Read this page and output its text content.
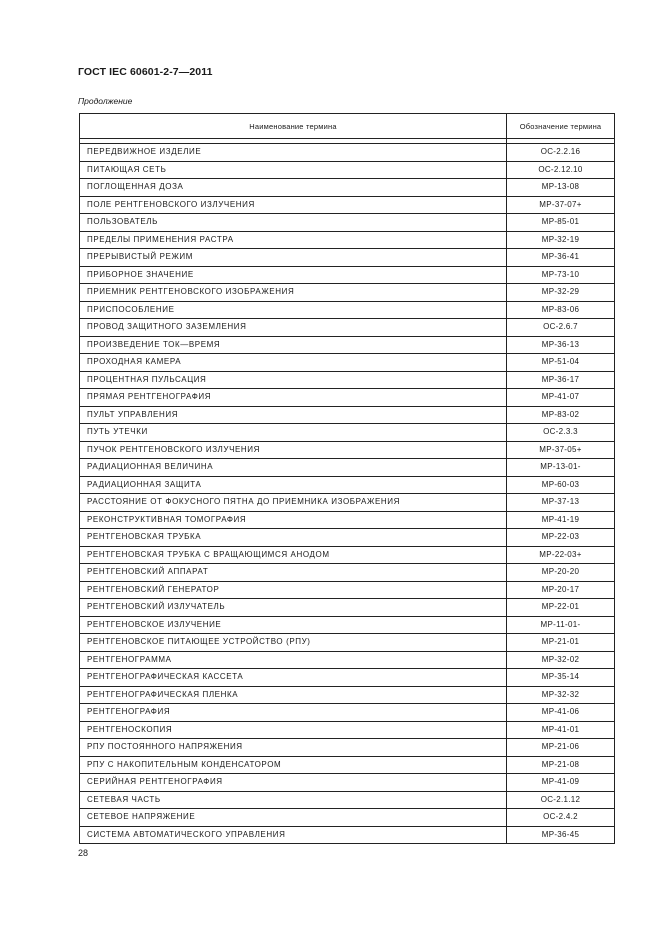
ГОСТ IEC 60601-2-7—2011
Продолжение
Наименование термина	Обозначение термина

ПЕРЕДВИЖНОЕ ИЗДЕЛИЕ	ОС-2.2.16
ПИТАЮЩАЯ СЕТЬ	ОС-2.12.10
ПОГЛОЩЕННАЯ ДОЗА	МР-13-08
ПОЛЕ РЕНТГЕНОВСКОГО ИЗЛУЧЕНИЯ	МР-37-07+
ПОЛЬЗОВАТЕЛЬ	МР-85-01
ПРЕДЕЛЫ ПРИМЕНЕНИЯ РАСТРА	МР-32-19
ПРЕРЫВИСТЫЙ РЕЖИМ	МР-36-41
ПРИБОРНОЕ ЗНАЧЕНИЕ	МР-73-10
ПРИЕМНИК РЕНТГЕНОВСКОГО ИЗОБРАЖЕНИЯ	МР-32-29
ПРИСПОСОБЛЕНИЕ	МР-83-06
ПРОВОД ЗАЩИТНОГО ЗАЗЕМЛЕНИЯ	ОС-2.6.7
ПРОИЗВЕДЕНИЕ ТОК—ВРЕМЯ	МР-36-13
ПРОХОДНАЯ КАМЕРА	МР-51-04
ПРОЦЕНТНАЯ ПУЛЬСАЦИЯ	МР-36-17
ПРЯМАЯ РЕНТГЕНОГРАФИЯ	МР-41-07
ПУЛЬТ УПРАВЛЕНИЯ	МР-83-02
ПУТЬ УТЕЧКИ	ОС-2.3.3
ПУЧОК РЕНТГЕНОВСКОГО ИЗЛУЧЕНИЯ	МР-37-05+
РАДИАЦИОННАЯ ВЕЛИЧИНА	МР-13-01-
РАДИАЦИОННАЯ ЗАЩИТА	МР-60-03
РАССТОЯНИЕ ОТ ФОКУСНОГО ПЯТНА ДО ПРИЕМНИКА ИЗОБРАЖЕНИЯ	МР-37-13
РЕКОНСТРУКТИВНАЯ ТОМОГРАФИЯ	МР-41-19
РЕНТГЕНОВСКАЯ ТРУБКА	МР-22-03
РЕНТГЕНОВСКАЯ ТРУБКА С ВРАЩАЮЩИМСЯ АНОДОМ	МР-22-03+
РЕНТГЕНОВСКИЙ АППАРАТ	МР-20-20
РЕНТГЕНОВСКИЙ ГЕНЕРАТОР	МР-20-17
РЕНТГЕНОВСКИЙ ИЗЛУЧАТЕЛЬ	МР-22-01
РЕНТГЕНОВСКОЕ ИЗЛУЧЕНИЕ	МР-11-01-
РЕНТГЕНОВСКОЕ ПИТАЮЩЕЕ УСТРОЙСТВО (РПУ)	МР-21-01
РЕНТГЕНОГРАММА	МР-32-02
РЕНТГЕНОГРАФИЧЕСКАЯ КАССЕТА	МР-35-14
РЕНТГЕНОГРАФИЧЕСКАЯ ПЛЕНКА	МР-32-32
РЕНТГЕНОГРАФИЯ	МР-41-06
РЕНТГЕНОСКОПИЯ	МР-41-01
РПУ ПОСТОЯННОГО НАПРЯЖЕНИЯ	МР-21-06
РПУ С НАКОПИТЕЛЬНЫМ КОНДЕНСАТОРОМ	МР-21-08
СЕРИЙНАЯ РЕНТГЕНОГРАФИЯ	МР-41-09
СЕТЕВАЯ ЧАСТЬ	ОС-2.1.12
СЕТЕВОЕ НАПРЯЖЕНИЕ	ОС-2.4.2
СИСТЕМА АВТОМАТИЧЕСКОГО УПРАВЛЕНИЯ	МР-36-45
28
